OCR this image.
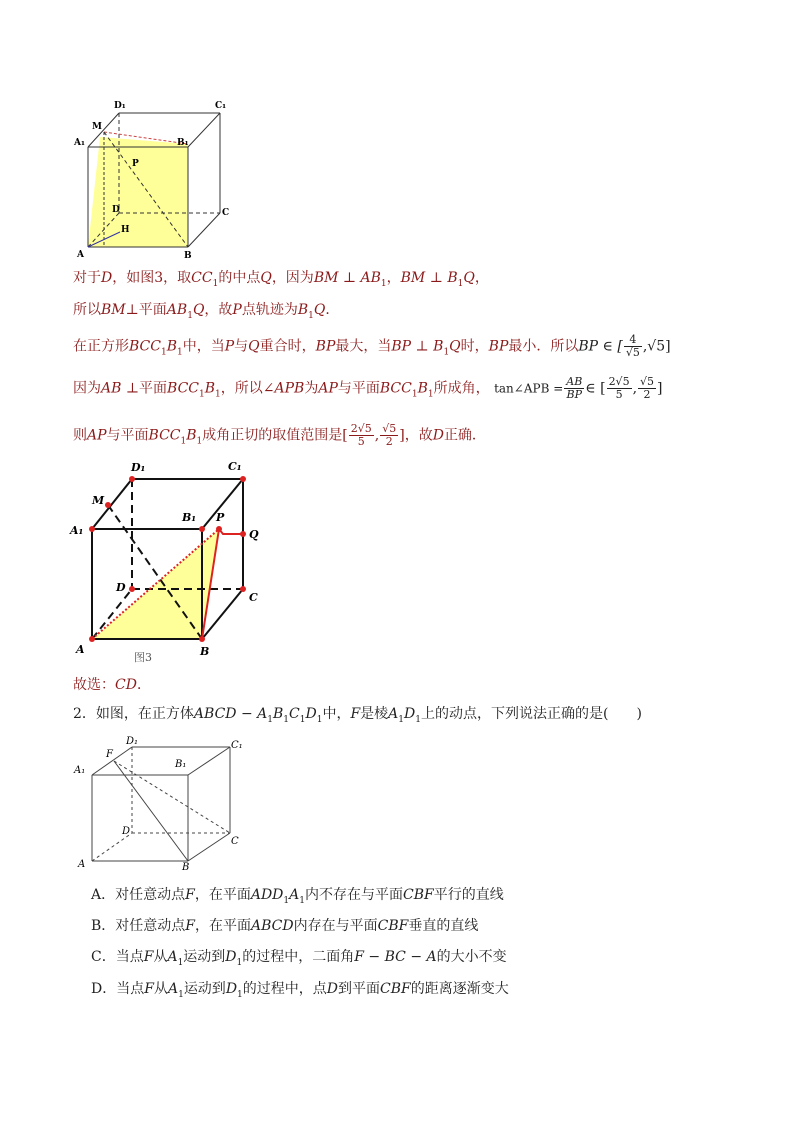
D₁	C₁
M
A₁	B₁
P
D	C
A
H
B
对于D，如图3，取$CC_1$的中点Q，因为BM ⊥ $AB_1$，BM ⊥ $B_1Q$，
所以BM⊥平面$AB_1Q$，故P点轨迹为$B_1Q$．
在正方形$BCC_1B_1$中，当P与Q重合时，BP最大，当BP ⊥ $B_1Q$时，BP最小．所以BP ∈ [ $\frac{4}{√5} ,√5$]
因为AB ⊥平面$BCC_1B_1$，所以∠APB为AP与平面$BCC_1B_1$所成角， tan∠APB = $\frac{AB}{BP}$ ∈ [ $\frac{2√5}{5}$ , $\frac{√5}{2}$ ]
则AP与平面$BCC_1B_1$成角正切的取值范围是[ $\frac{2√5}{5}$ , $\frac{√5}{2}$ ]，故D正确．
D₁	C₁
M
A₁
B₁ P
Q
D
C
A	B
图3
故选：CD．
2．如图，在正方体ABCD − $A_1B_1C_1D_1$中，F是棱$A_1D_1$上的动点，下列说法正确的是(　　)
F
D₁	C₁
A₁
B₁
D
C
A	B
A．对任意动点F，在平面$ADD_1A_1$内不存在与平面CBF平行的直线
B．对任意动点F，在平面ABCD内存在与平面CBF垂直的直线
C．当点F从$A_1$运动到$D_1$的过程中，二面角F − BC − A的大小不变
D．当点F从$A_1$运动到$D_1$的过程中，点D到平面CBF的距离逐渐变大
